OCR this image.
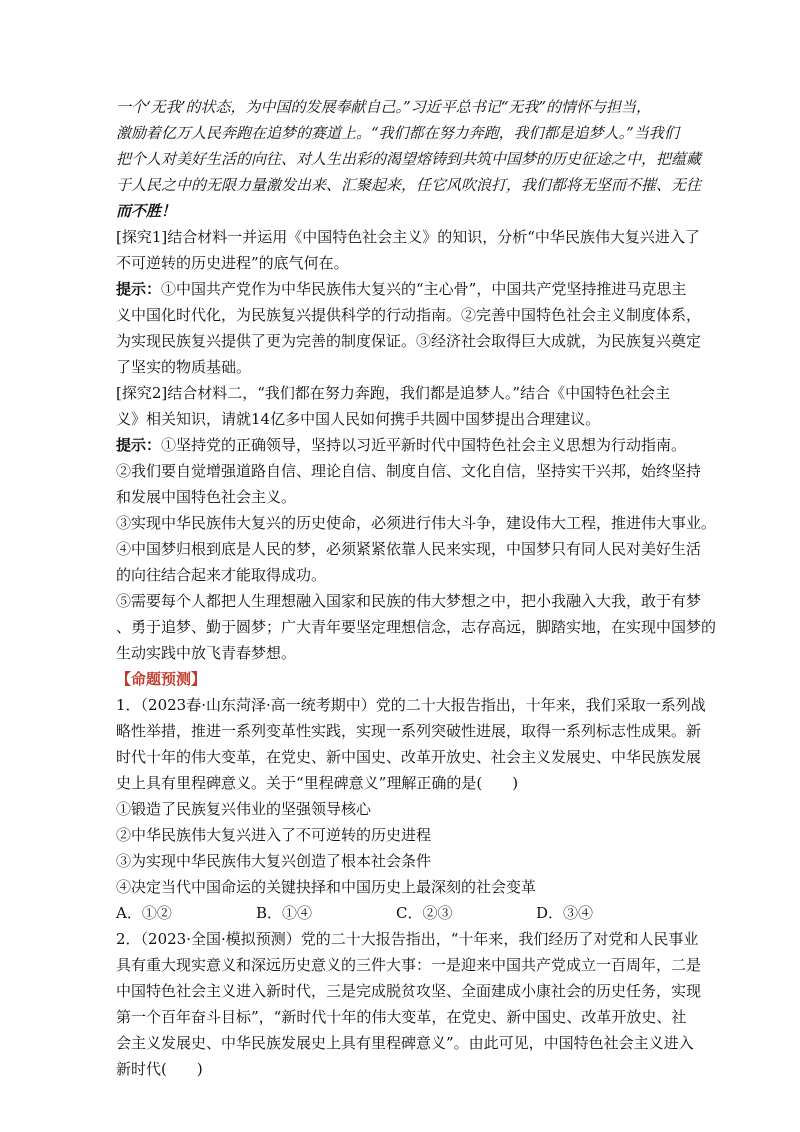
一个‘无我’的状态，为中国的发展奉献自己。”习近平总书记“无我”的情怀与担当，
激励着亿万人民奔跑在追梦的赛道上。“我们都在努力奔跑，我们都是追梦人。”当我们
把个人对美好生活的向往、对人生出彩的渴望熔铸到共筑中国梦的历史征途之中，把蕴藏
于人民之中的无限力量激发出来、汇聚起来，任它风吹浪打，我们都将无坚而不摧、无往
而不胜！
[探究1]结合材料一并运用《中国特色社会主义》的知识，分析“中华民族伟大复兴进入了
不可逆转的历史进程”的底气何在。
提示：①中国共产党作为中华民族伟大复兴的“主心骨”，中国共产党坚持推进马克思主
义中国化时代化，为民族复兴提供科学的行动指南。②完善中国特色社会主义制度体系，
为实现民族复兴提供了更为完善的制度保证。③经济社会取得巨大成就，为民族复兴奠定
了坚实的物质基础。
[探究2]结合材料二，“我们都在努力奔跑，我们都是追梦人。”结合《中国特色社会主
义》相关知识，请就14亿多中国人民如何携手共圆中国梦提出合理建议。
提示：①坚持党的正确领导，坚持以习近平新时代中国特色社会主义思想为行动指南。
②我们要自觉增强道路自信、理论自信、制度自信、文化自信，坚持实干兴邦，始终坚持
和发展中国特色社会主义。
③实现中华民族伟大复兴的历史使命，必须进行伟大斗争，建设伟大工程，推进伟大事业。
④中国梦归根到底是人民的梦，必须紧紧依靠人民来实现，中国梦只有同人民对美好生活
的向往结合起来才能取得成功。
⑤需要每个人都把人生理想融入国家和民族的伟大梦想之中，把小我融入大我，敢于有梦
、勇于追梦、勤于圆梦；广大青年要坚定理想信念，志存高远，脚踏实地，在实现中国梦的
生动实践中放飞青春梦想。
【命题预测】
1．（2023春·山东菏泽·高一统考期中）党的二十大报告指出，十年来，我们采取一系列战
略性举措，推进一系列变革性实践，实现一系列突破性进展，取得一系列标志性成果。新
时代十年的伟大变革，在党史、新中国史、改革开放史、社会主义发展史、中华民族发展
史上具有里程碑意义。关于“里程碑意义”理解正确的是(　　)
①锻造了民族复兴伟业的坚强领导核心
②中华民族伟大复兴进入了不可逆转的历史进程
③为实现中华民族伟大复兴创造了根本社会条件
④决定当代中国命运的关键抉择和中国历史上最深刻的社会变革
A．①②	B．①④	C．②③	D．③④
2．（2023·全国·模拟预测）党的二十大报告指出，“十年来，我们经历了对党和人民事业
具有重大现实意义和深远历史意义的三件大事：一是迎来中国共产党成立一百周年，二是
中国特色社会主义进入新时代，三是完成脱贫攻坚、全面建成小康社会的历史任务，实现
第一个百年奋斗目标”，“新时代十年的伟大变革，在党史、新中国史、改革开放史、社
会主义发展史、中华民族发展史上具有里程碑意义”。由此可见，中国特色社会主义进入
新时代(　　)
